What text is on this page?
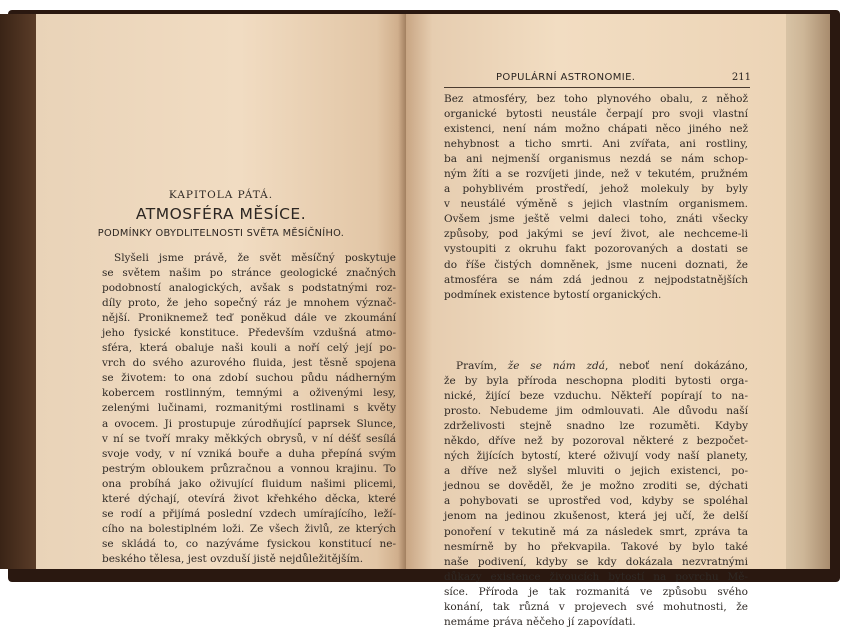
KAPITOLA PÁTÁ.
ATMOSFÉRA MĚSÍCE.
PODMÍNKY OBYDLITELNOSTI SVĚTA MĚSÍČNÍHO.
Slyšeli jsme právě, že svět měsíčný poskytuje
se světem našim po stránce geologické značných
podobností analogických, avšak s podstatnými roz-
díly proto, že jeho sopečný ráz je mnohem význač-
nější. Proniknemež teď poněkud dále ve zkoumání
jeho fysické konstituce. Především vzdušná atmo-
sféra, která obaluje naši kouli a noří celý její po-
vrch do svého azurového fluida, jest těsně spojena
se životem: to ona zdobí suchou půdu nádherným
kobercem rostlinným, temnými a oživenými lesy,
zelenými lučinami, rozmanitými rostlinami s květy
a ovocem. Ji prostupuje zúrodňující paprsek Slunce,
v ní se tvoří mraky měkkých obrysů, v ní déšť sesílá
svoje vody, v ní vzniká bouře a duha přepíná svým
pestrým obloukem průzračnou a vonnou krajinu. To
ona probíhá jako oživující fluidum našimi plicemi,
které dýchají, otevírá život křehkého děcka, které
se rodí a přijímá poslední vzdech umírajícího, leží-
cího na bolestiplném loži. Ze všech živlů, ze kterých
se skládá to, co nazýváme fysickou konstitucí ne-
beského tělesa, jest ovzduší jistě nejdůležitějším.
POPULÁRNÍ ASTRONOMIE.	211
Bez atmosféry, bez toho plynového obalu, z něhož
organické bytosti neustále čerpají pro svoji vlastní
existenci, není nám možno chápati něco jiného než
nehybnost a ticho smrti. Ani zvířata, ani rostliny,
ba ani nejmenší organismus nezdá se nám schop-
ným žíti a se rozvíjeti jinde, než v tekutém, pružném
a pohyblivém prostředí, jehož molekuly by byly
v neustálé výměně s jejich vlastním organismem.
Ovšem jsme ještě velmi daleci toho, znáti všecky
způsoby, pod jakými se jeví život, ale nechceme-li
vystoupiti z okruhu fakt pozorovaných a dostati se
do říše čistých domněnek, jsme nuceni doznati, že
atmosféra se nám zdá jednou z nejpodstatnějších
podmínek existence bytostí organických.
Pravím, že se nám zdá, neboť není dokázáno,
že by byla příroda neschopna ploditi bytosti orga-
nické, žijící beze vzduchu. Někteří popírají to na-
prosto. Nebudeme jim odmlouvati. Ale důvodu naší
zdrželivosti stejně snadno lze rozuměti. Kdyby
někdo, dříve než by pozoroval některé z bezpočet-
ných žijících bytostí, které oživují vody naší planety,
a dříve než slyšel mluviti o jejich existenci, po-
jednou se dověděl, že je možno zroditi se, dýchati
a pohybovati se uprostřed vod, kdyby se spoléhal
jenom na jedinou zkušenost, která jej učí, že delší
ponoření v tekutině má za následek smrt, zpráva ta
nesmírně by ho překvapila. Takové by bylo také
naše podivení, kdyby se kdy dokázala nezvratnými
důkazy existence živoucích bytostí na povrchu Mě-
síce. Příroda je tak rozmanitá ve způsobu svého
konání, tak různá v projevech své mohutnosti, že
nemáme práva něčeho jí zapovídati.
